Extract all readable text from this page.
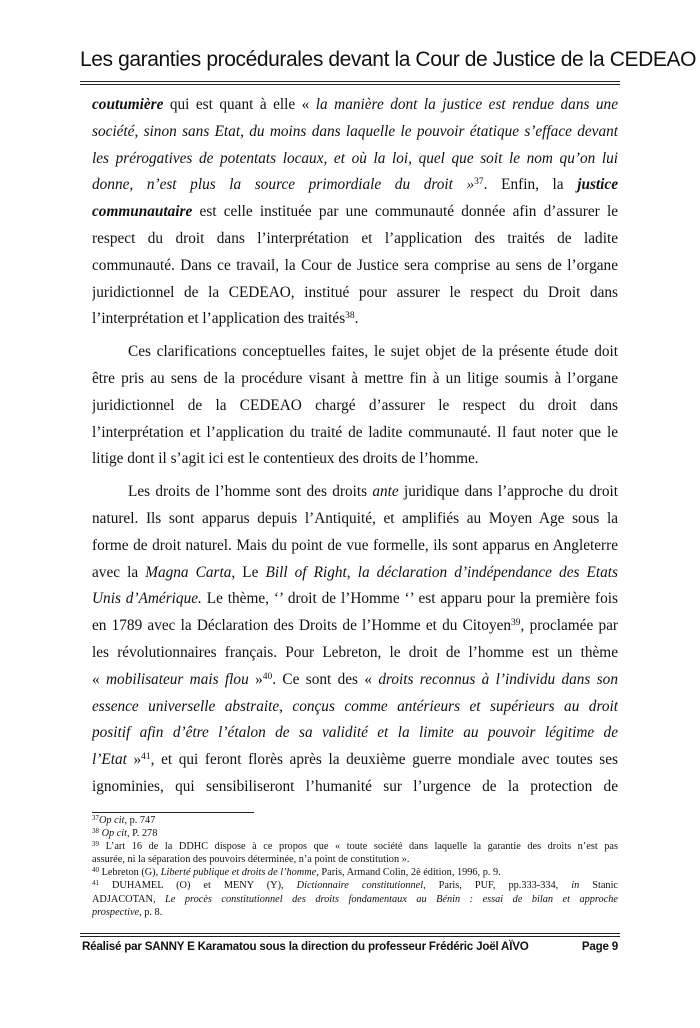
Les garanties procédurales devant la Cour de Justice de la CEDEAO
coutumière qui est quant à elle « la manière dont la justice est rendue dans une
société, sinon sans Etat, du moins dans laquelle le pouvoir étatique s’efface devant
les prérogatives de potentats locaux, et où la loi, quel que soit le nom qu’on lui
donne, n’est plus la source primordiale du droit »$^{37}$. Enfin, la justice
communautaire est celle instituée par une communauté donnée afin d’assurer le
respect du droit dans l’interprétation et l’application des traités de ladite
communauté. Dans ce travail, la Cour de Justice sera comprise au sens de l’organe
juridictionnel de la CEDEAO, institué pour assurer le respect du Droit dans
l’interprétation et l’application des traités$^{38}$.
Ces clarifications conceptuelles faites, le sujet objet de la présente étude doit
être pris au sens de la procédure visant à mettre fin à un litige soumis à l’organe
juridictionnel de la CEDEAO chargé d’assurer le respect du droit dans
l’interprétation et l’application du traité de ladite communauté. Il faut noter que le
litige dont il s’agit ici est le contentieux des droits de l’homme.
Les droits de l’homme sont des droits ante juridique dans l’approche du droit
naturel. Ils sont apparus depuis l’Antiquité, et amplifiés au Moyen Age sous la
forme de droit naturel. Mais du point de vue formelle, ils sont apparus en Angleterre
avec la Magna Carta, Le Bill of Right, la déclaration d’indépendance des Etats
Unis d’Amérique. Le thème, ‘’ droit de l’Homme ‘’ est apparu pour la première fois
en 1789 avec la Déclaration des Droits de l’Homme et du Citoyen$^{39}$, proclamée par
les révolutionnaires français. Pour Lebreton, le droit de l’homme est un thème
« mobilisateur mais flou »$^{40}$. Ce sont des « droits reconnus à l’individu dans son
essence universelle abstraite, conçus comme antérieurs et supérieurs au droit
positif afin d’être l’étalon de sa validité et la limite au pouvoir légitime de
l’Etat »$^{41}$, et qui feront florès après la deuxième guerre mondiale avec toutes ses
ignominies, qui sensibiliseront l’humanité sur l’urgence de la protection de
$^{37}$Op cit, p. 747
$^{38}$ Op cit, P. 278
$^{39}$ L’art 16 de la DDHC dispose à ce propos que « toute société dans laquelle la garantie des droits n’est pas
assurée, ni la séparation des pouvoirs déterminée, n’a point de constitution ».
$^{40}$ Lebreton (G), Liberté publique et droits de l’homme, Paris, Armand Colin, 2è édition, 1996, p. 9.
$^{41}$ DUHAMEL (O) et MENY (Y), Dictionnaire constitutionnel, Paris, PUF, pp.333-334, in Stanic
ADJACOTAN, Le procès constitutionnel des droits fondamentaux au Bénin : essai de bilan et approche
prospective, p. 8.
Réalisé par SANNY E Karamatou sous la direction du professeur Frédéric Joël AÏVO	Page 9
